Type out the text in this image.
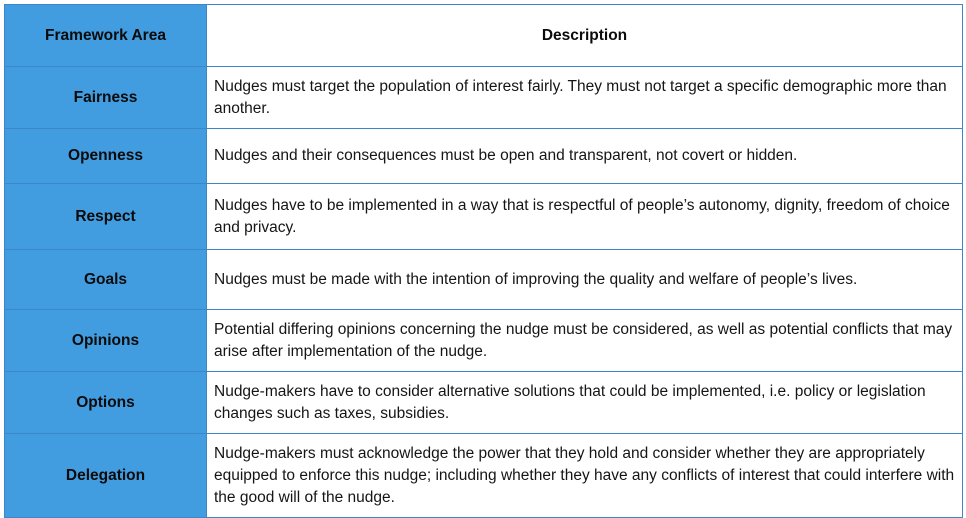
Framework Area	Description
Fairness	Nudges must target the population of interest fairly. They must not target a specific demographic more than another.
Openness	Nudges and their consequences must be open and transparent, not covert or hidden.
Respect	Nudges have to be implemented in a way that is respectful of people’s autonomy, dignity, freedom of choice and privacy.
Goals	Nudges must be made with the intention of improving the quality and welfare of people’s lives.
Opinions	Potential differing opinions concerning the nudge must be considered, as well as potential conflicts that may arise after implementation of the nudge.
Options	Nudge-makers have to consider alternative solutions that could be implemented, i.e. policy or legislation changes such as taxes, subsidies.
Delegation	Nudge-makers must acknowledge the power that they hold and consider whether they are appropriately equipped to enforce this nudge; including whether they have any conflicts of interest that could interfere with the good will of the nudge.
